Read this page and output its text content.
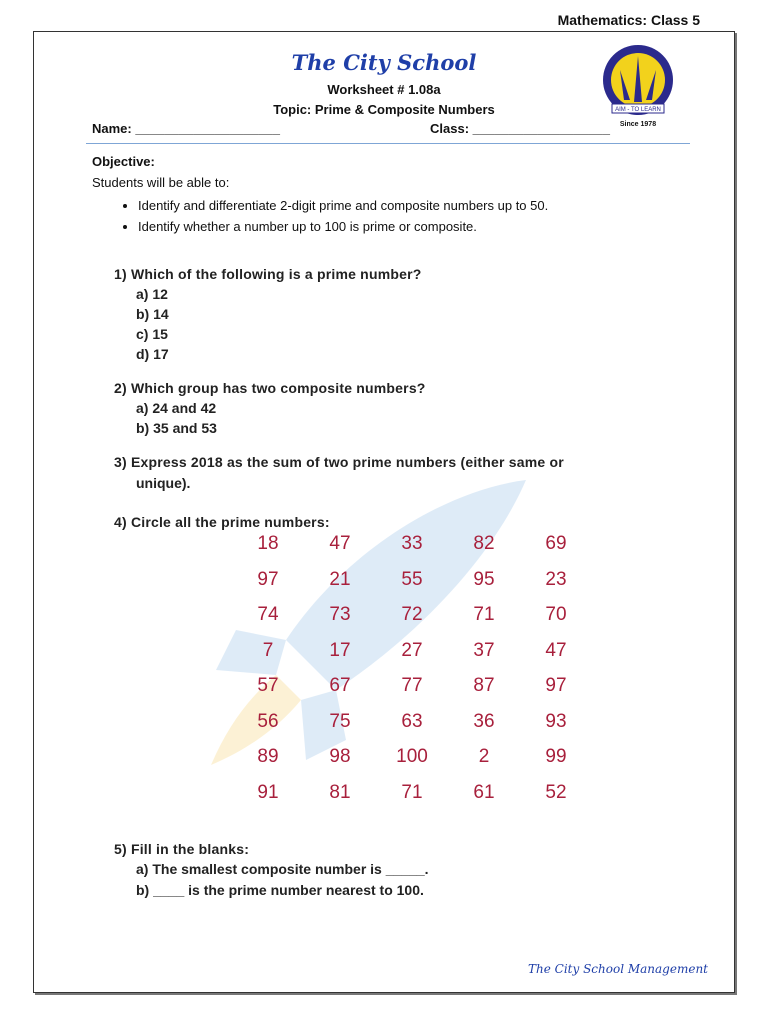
Mathematics: Class 5
The City School
Worksheet # 1.08a
Topic: Prime & Composite Numbers	AIM - TO LEARN
Since 1978
Name: ____________________	Class: ___________________
Objective:
Students will be able to:
• Identify and differentiate 2-digit prime and composite numbers up to 50.
• Identify whether a number up to 100 is prime or composite.
1) Which of the following is a prime number?
a) 12
b) 14
c) 15
d) 17
2) Which group has two composite numbers?
a) 24 and 42
b) 35 and 53
3) Express 2018 as the sum of two prime numbers (either same or
unique).
4) Circle all the prime numbers:
18	47	33	82	69
97	21	55	95	23
74	73	72	71	70
7	17	27	37	47
57	67	77	87	97
56	75	63	36	93
89	98	100	2	99
91	81	71	61	52
5) Fill in the blanks:
a) The smallest composite number is _____.
b) ____ is the prime number nearest to 100.
The City School Management
